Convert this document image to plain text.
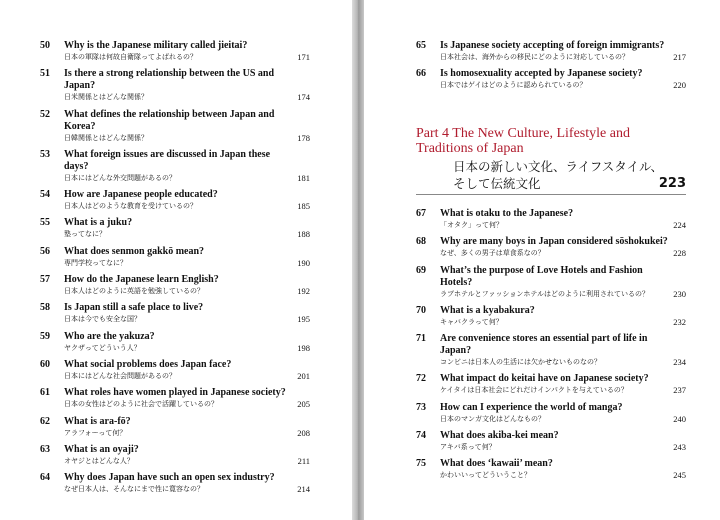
50 Why is the Japanese military called jieitai?
日本の軍隊は何故自衛隊ってよばれるの？	171
51 Is there a strong relationship between the US and Japan?
日米関係とはどんな関係？	174
52 What defines the relationship between Japan and Korea?
日韓関係とはどんな関係？	178
53 What foreign issues are discussed in Japan these days?
日本にはどんな外交問題があるの？	181
54 How are Japanese people educated?
日本人はどのような教育を受けているの？	185
55 What is a juku?
塾ってなに？	188
56 What does senmon gakkō mean?
専門学校ってなに？	190
57 How do the Japanese learn English?
日本人はどのように英語を勉強しているの？	192
58 Is Japan still a safe place to live?
日本は今でも安全な国？	195
59 Who are the yakuza?
ヤクザってどういう人？	198
60 What social problems does Japan face?
日本にはどんな社会問題があるの？	201
61 What roles have women played in Japanese society?
日本の女性はどのように社会で活躍しているの？	205
62 What is ara-fō?
アラフォーって何？	208
63 What is an oyaji?
オヤジとはどんな人？	211
64 Why does Japan have such an open sex industry?
なぜ日本人は、そんなにまで性に寛容なの？	214
65 Is Japanese society accepting of foreign immigrants?
日本社会は、海外からの移民にどのように対応しているの？	217
66 Is homosexuality accepted by Japanese society?
日本ではゲイはどのように認められているの？	220
Part 4 The New Culture, Lifestyle and Traditions of Japan
日本の新しい文化、ライフスタイル、
そして伝統文化	223
67 What is otaku to the Japanese?
「オタク」って何？	224
68 Why are many boys in Japan considered sōshokukei?
なぜ、多くの男子は草食系なの？	228
69 What’s the purpose of Love Hotels and Fashion Hotels?
ラブホテルとファッションホテルはどのように利用されているの？	230
70 What is a kyabakura?
キャバクラって何？	232
71 Are convenience stores an essential part of life in Japan?
コンビニは日本人の生活には欠かせないものなの？	234
72 What impact do keitai have on Japanese society?
ケイタイは日本社会にどれだけインパクトを与えているの？	237
73 How can I experience the world of manga?
日本のマンガ文化はどんなもの？	240
74 What does akiba-kei mean?
アキバ系って何？	243
75 What does ‘kawaii’ mean?
かわいいってどういうこと？	245
